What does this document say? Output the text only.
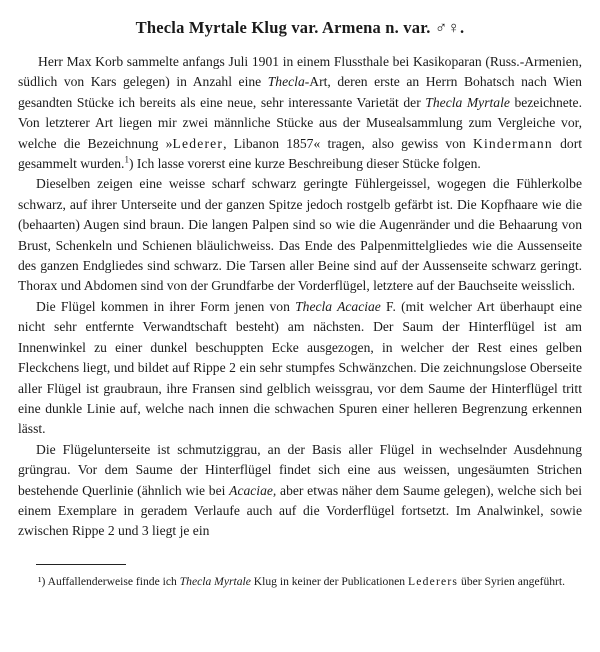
Thecla Myrtale Klug var. Armena n. var. ♂♀.

Herr Max Korb sammelte anfangs Juli 1901 in einem Flussthale bei Kasikoparan (Russ.-Armenien, südlich von Kars gelegen) in Anzahl eine Thecla-Art, deren erste an Herrn Bohatsch nach Wien gesandten Stücke ich bereits als eine neue, sehr interessante Varietät der Thecla Myrtale bezeichnete. Von letzterer Art liegen mir zwei männliche Stücke aus der Musealsammlung zum Vergleiche vor, welche die Bezeichnung »Lederer, Libanon 1857« tragen, also gewiss von Kindermann dort gesammelt wurden.$^1$) Ich lasse vorerst eine kurze Beschreibung dieser Stücke folgen.

Dieselben zeigen eine weisse scharf schwarz geringte Fühlergeissel, wogegen die Fühlerkolbe schwarz, auf ihrer Unterseite und der ganzen Spitze jedoch rostgelb gefärbt ist. Die Kopfhaare wie die (behaarten) Augen sind braun. Die langen Palpen sind so wie die Augenränder und die Behaarung von Brust, Schenkeln und Schienen bläulichweiss. Das Ende des Palpenmittelgliedes wie die Aussenseite des ganzen Endgliedes sind schwarz. Die Tarsen aller Beine sind auf der Aussenseite schwarz geringt. Thorax und Abdomen sind von der Grundfarbe der Vorderflügel, letztere auf der Bauchseite weisslich.

Die Flügel kommen in ihrer Form jenen von Thecla Acaciae F. (mit welcher Art überhaupt eine nicht sehr entfernte Verwandtschaft besteht) am nächsten. Der Saum der Hinterflügel ist am Innenwinkel zu einer dunkel beschuppten Ecke ausgezogen, in welcher der Rest eines gelben Fleckchens liegt, und bildet auf Rippe 2 ein sehr stumpfes Schwänzchen. Die zeichnungslose Oberseite aller Flügel ist graubraun, ihre Fransen sind gelblich weissgrau, vor dem Saume der Hinterflügel tritt eine dunkle Linie auf, welche nach innen die schwachen Spuren einer helleren Begrenzung erkennen lässt.

Die Flügelunterseite ist schmutziggrau, an der Basis aller Flügel in wechselnder Ausdehnung grüngrau. Vor dem Saume der Hinterflügel findet sich eine aus weissen, ungesäumten Strichen bestehende Querlinie (ähnlich wie bei Acaciae, aber etwas näher dem Saume gelegen), welche sich bei einem Exemplare in geradem Verlaufe auch auf die Vorderflügel fortsetzt. Im Analwinkel, sowie zwischen Rippe 2 und 3 liegt je ein

¹) Auffallenderweise finde ich Thecla Myrtale Klug in keiner der Publicationen Lederers über Syrien angeführt.
